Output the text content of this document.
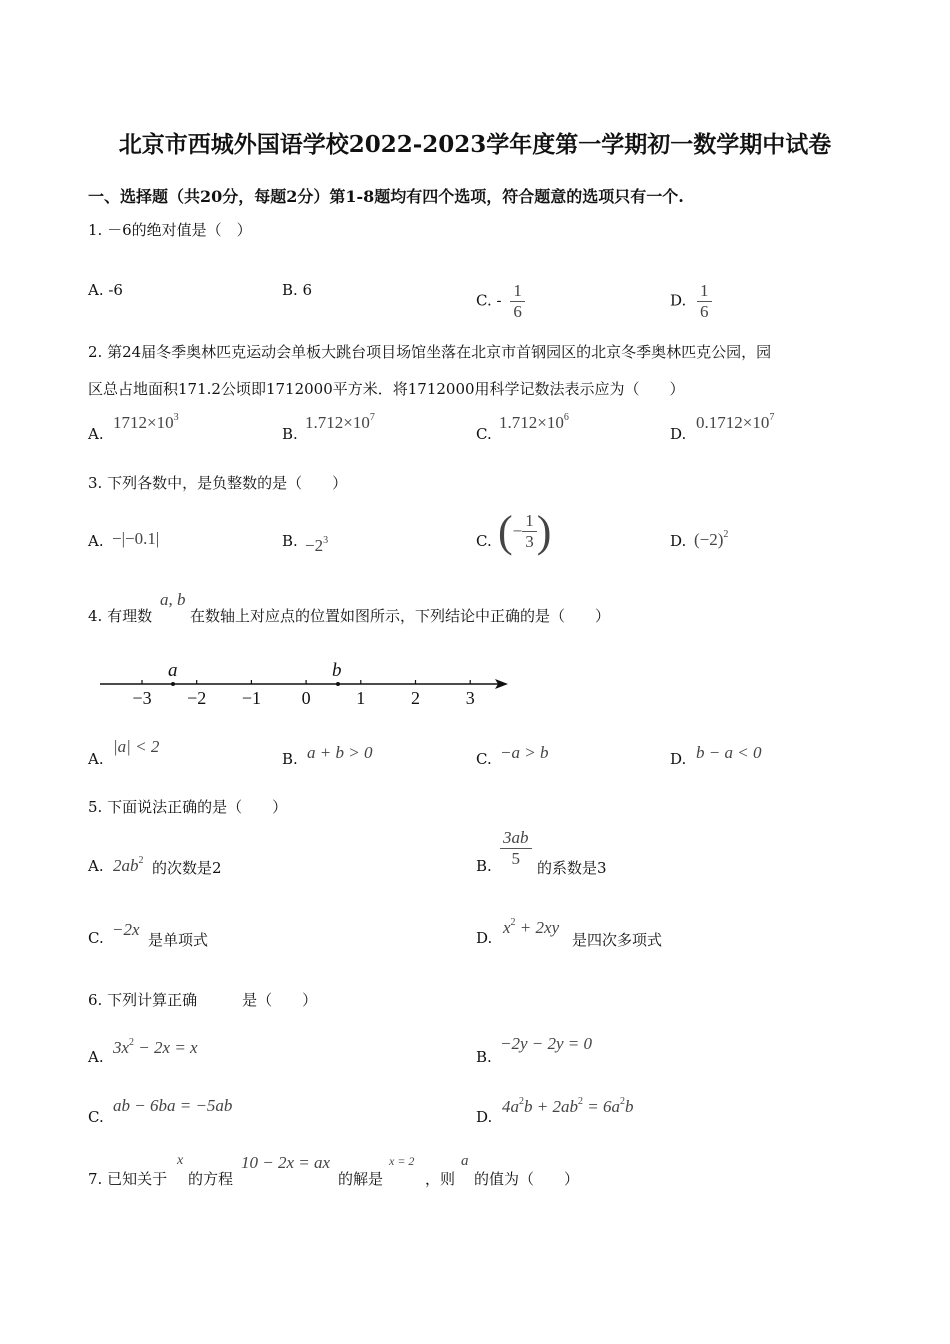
北京市西城外国语学校2022-2023学年度第一学期初一数学期中试卷
一、选择题（共20分，每题2分）第1-8题均有四个选项，符合题意的选项只有一个.
1. －6的绝对值是（　）
A. -6	B. 6
C. - $\frac{1}{6}$	D. $\frac{1}{6}$
2. 第24届冬季奥林匹克运动会单板大跳台项目场馆坐落在北京市首钢园区的北京冬季奥林匹克公园，园
区总占地面积171.2公顷即1712000平方米．将1712000用科学记数法表示应为（　　）
A.
$1712\times 10^3$
B.
$1.712\times 10^7$
C.
$1.712\times 10^6$
D.
$0.1712\times 10^7$
3. 下列各数中，是负整数的是（　　）
A. −|−0.1|	B. $-2^3$	C. (− $\frac{1}{3}$ )	D. $(-2)^2$
4. 有理数
a, b
在数轴上对应点的位置如图所示，下列结论中正确的是（　　）
−3 −2 −1 0	1	2	3
a	b
A.
|a| < 2
B. a + b > 0	C. −a > b	D. b − a < 0
5. 下面说法正确的是（　　）
A. $2ab^2$ 的次数是2	B. $\frac{3ab}{5}$ 的系数是3
C. −2x
是单项式	D.
$x^2 + 2xy$
是四次多项式
6. 下列计算正确　　　是（　　）
A. $3x^2 - 2x = x$	B.
−2y − 2y = 0
C.
ab − 6ba = −5ab
D.
$4a^2b + 2ab^2 = 6a^2b$
7. 已知关于
x
的方程
10 − 2x = ax
的解是
x = 2
，则
a
的值为（　　）
